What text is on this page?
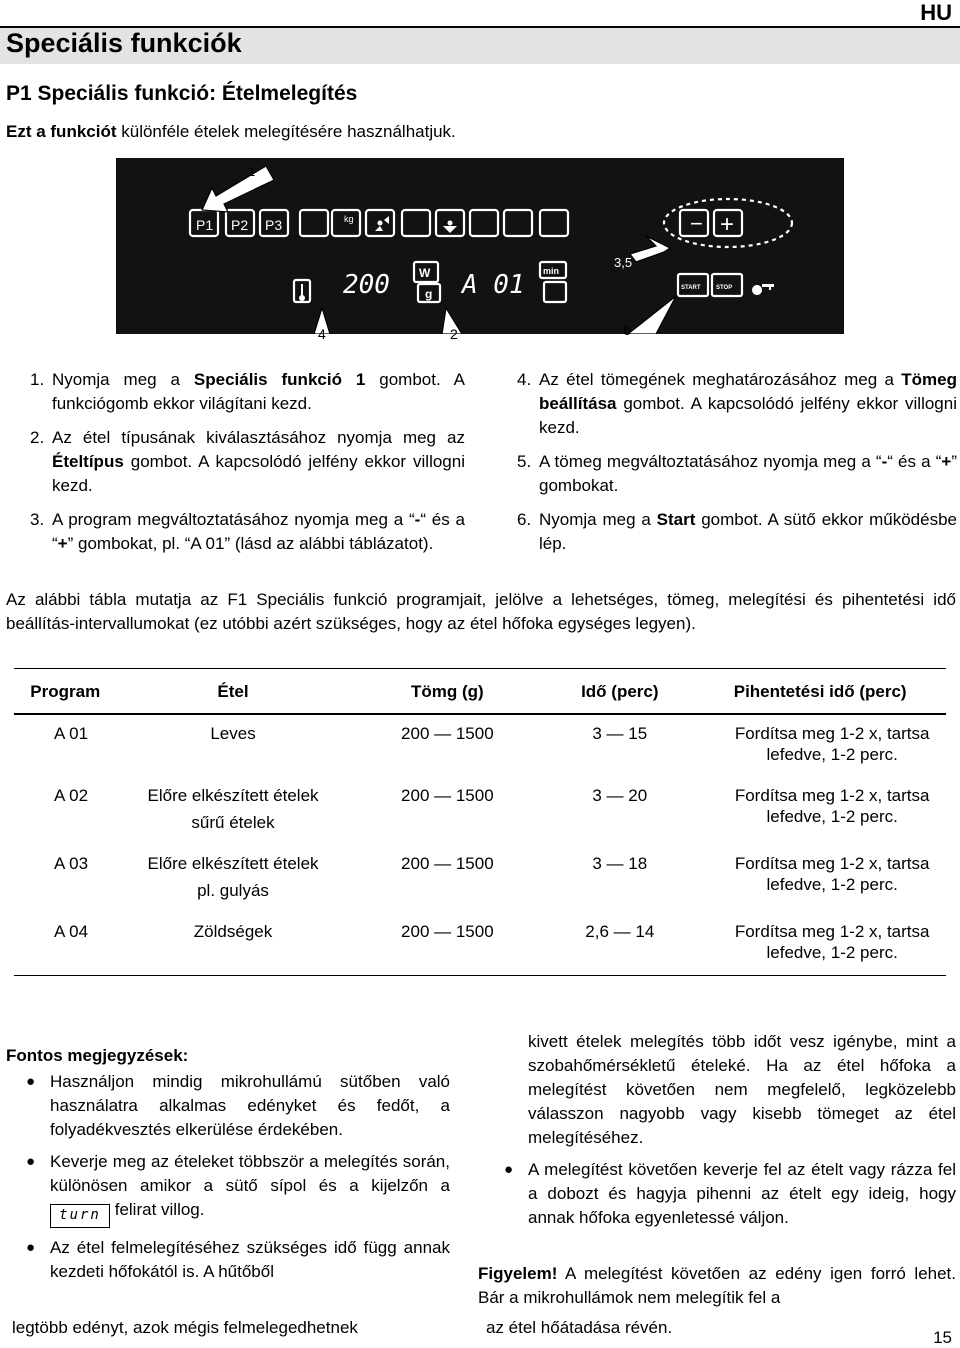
HU
Speciális funkciók
P1 Speciális funkció: Ételmelegítés
Ezt a funkciót különféle ételek melegítésére használhatjuk.
P1 P2 P3	kg
W
g
min
START	STOP
200	A 01
− +
1
3,5
4	2	6
1. Nyomja meg a Speciális funkció 1 gombot. A funkciógomb ekkor világítani kezd.
2. Az étel típusának kiválasztásához nyomja meg az Ételtípus gombot. A kapcsolódó jelfény ekkor villogni kezd.
3. A program megváltoztatásához nyomja meg a “-“ és a “+” gombokat, pl. “A 01” (lásd az alábbi táblázatot).
4. Az étel tömegének meghatározásához meg a Tömeg beállítása gombot. A kapcsolódó jelfény ekkor villogni kezd.
5. A tömeg megváltoztatásához nyomja meg a “-“ és a “+” gombokat.
6. Nyomja meg a Start gombot. A sütő ekkor működésbe lép.
Az alábbi tábla mutatja az F1 Speciális funkció programjait, jelölve a lehetséges, tömeg, melegítési és pihentetési idő beállítás-intervallumokat (ez utóbbi azért szükséges, hogy az étel hőfoka egységes legyen).
Program	Étel	Tömg (g)	Idő (perc)	Pihentetési idő (perc)

A 01	Leves	200 — 1500	3 — 15	Fordítsa meg 1-2 x, tartsa lefedve, 1-2 perc.

A 02	Előre elkészített ételek
sűrű ételek	200 — 1500	3 — 20	Fordítsa meg 1-2 x, tartsa lefedve, 1-2 perc.

A 03	Előre elkészített ételek
pl. gulyás	200 — 1500	3 — 18	Fordítsa meg 1-2 x, tartsa lefedve, 1-2 perc.

A 04	Zöldségek	200 — 1500	2,6 — 14	Fordítsa meg 1-2 x, tartsa lefedve, 1-2 perc.
Fontos megjegyzések:
● Használjon mindig mikrohullámú sütőben való használatra alkalmas edényket és fedőt, a folyadékvesztés elkerülése érdekében.
● Keverje meg az ételeket többször a melegítés során, különösen amikor a sütő sípol és a kijelzőn a turn felirat villog.
● Az étel felmelegítéséhez szükséges idő függ annak kezdeti hőfokától is. A hűtőből
legtöbb edényt, azok mégis felmelegedhetnek
kivett ételek melegítés több időt vesz igénybe, mint a szobahőmérsékletű ételeké. Ha az étel hőfoka a melegítést követően nem megfelelő, legközelebb válasszon nagyobb vagy kisebb tömeget az étel melegítéséhez.
● A melegítést követően keverje fel az ételt vagy rázza fel a dobozt és hagyja pihenni az ételt egy ideig, hogy annak hőfoka egyenletessé váljon.
Figyelem! A melegítést követően az edény igen forró lehet. Bár a mikrohullámok nem melegítik fel a
az étel hőátadása révén.
15
